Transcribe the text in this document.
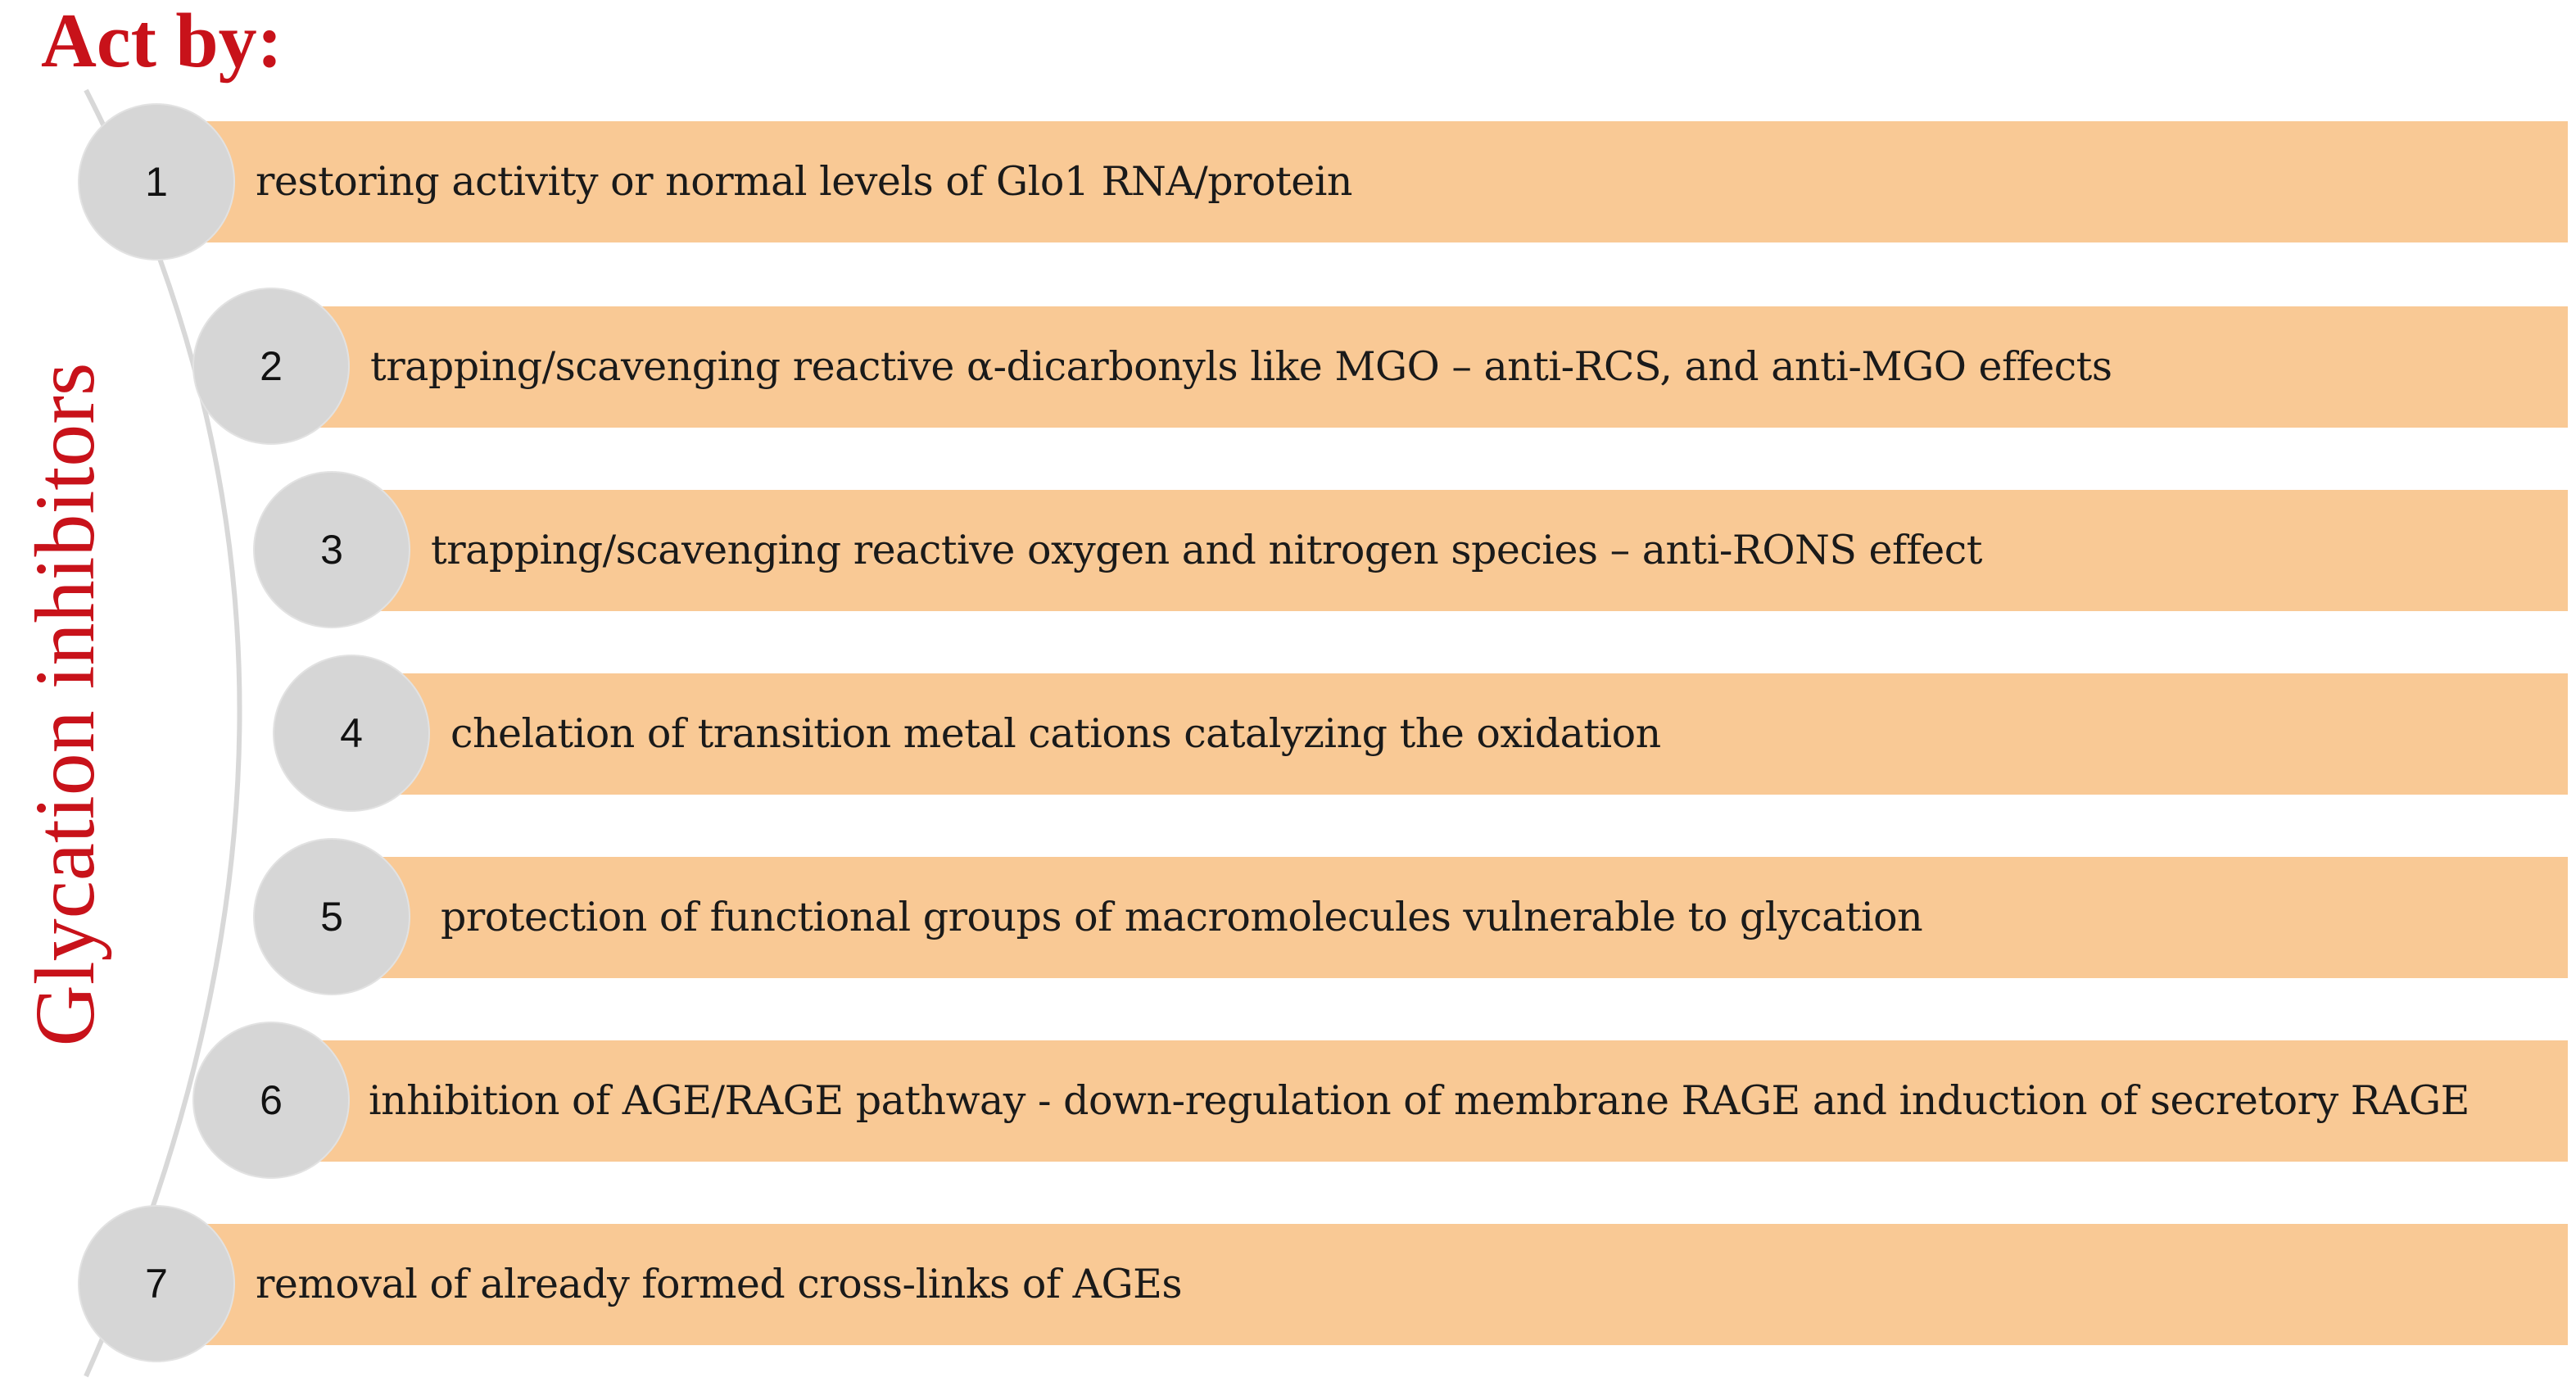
Act by:
Glycation inhibitors
restoring activity or normal levels of Glo1 RNA/protein
1
trapping/scavenging reactive α-dicarbonyls like MGO – anti-RCS, and anti-MGO effects
2
trapping/scavenging reactive oxygen and nitrogen species – anti-RONS effect
3
chelation of transition metal cations catalyzing the oxidation
4
protection of functional groups of macromolecules vulnerable to glycation
5
inhibition of AGE/RAGE pathway - down-regulation of membrane RAGE and induction of secretory RAGE
6
removal of already formed cross-links of AGEs
7
